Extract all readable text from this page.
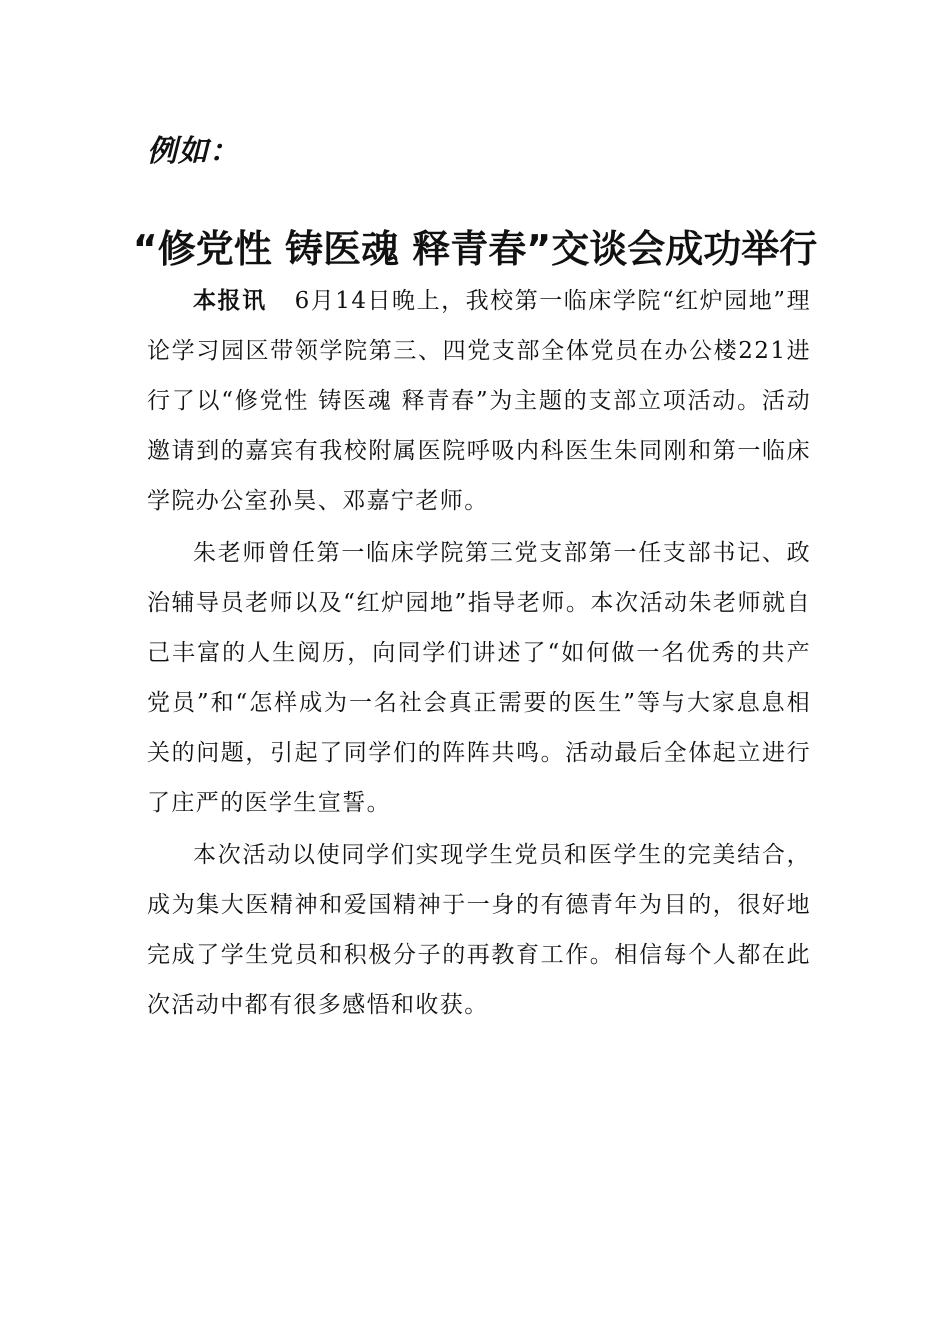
例如：
“修党性 铸医魂 释青春”交谈会成功举行

本报讯 6月14日晚上，我校第一临床学院“红炉园地”理论学习园区带领学院第三、四党支部全体党员在办公楼221进行了以“修党性 铸医魂 释青春”为主题的支部立项活动。活动邀请到的嘉宾有我校附属医院呼吸内科医生朱同刚和第一临床学院办公室孙昊、邓嘉宁老师。

朱老师曾任第一临床学院第三党支部第一任支部书记、政治辅导员老师以及“红炉园地”指导老师。本次活动朱老师就自己丰富的人生阅历，向同学们讲述了“如何做一名优秀的共产党员”和“怎样成为一名社会真正需要的医生”等与大家息息相关的问题，引起了同学们的阵阵共鸣。活动最后全体起立进行了庄严的医学生宣誓。

本次活动以使同学们实现学生党员和医学生的完美结合，成为集大医精神和爱国精神于一身的有德青年为目的，很好地完成了学生党员和积极分子的再教育工作。相信每个人都在此次活动中都有很多感悟和收获。
